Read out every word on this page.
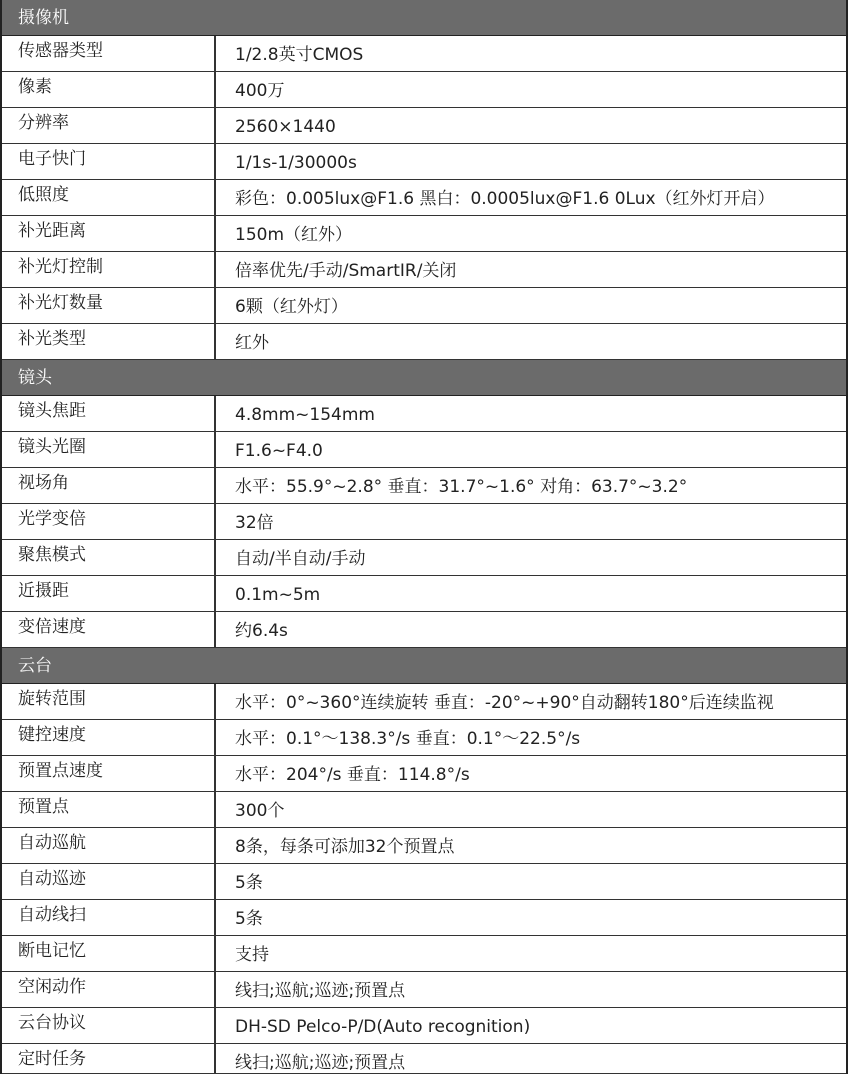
摄像机
传感器类型	1/2.8英寸CMOS
像素	400万
分辨率	2560×1440
电子快门	1/1s-1/30000s
低照度	彩色：0.005lux@F1.6 黑白：0.0005lux@F1.6 0Lux（红外灯开启）
补光距离	150m（红外）
补光灯控制	倍率优先/手动/SmartIR/关闭
补光灯数量	6颗（红外灯）
补光类型	红外
镜头
镜头焦距	4.8mm~154mm
镜头光圈	F1.6~F4.0
视场角	水平：55.9°~2.8° 垂直：31.7°~1.6° 对角：63.7°~3.2°
光学变倍	32倍
聚焦模式	自动/半自动/手动
近摄距	0.1m~5m
变倍速度	约6.4s
云台
旋转范围	水平：0°~360°连续旋转 垂直：-20°~+90°自动翻转180°后连续监视
键控速度	水平：0.1°～138.3°/s 垂直：0.1°～22.5°/s
预置点速度	水平：204°/s 垂直：114.8°/s
预置点	300个
自动巡航	8条，每条可添加32个预置点
自动巡迹	5条
自动线扫	5条
断电记忆	支持
空闲动作	线扫;巡航;巡迹;预置点
云台协议	DH-SD Pelco-P/D(Auto recognition)
定时任务	线扫;巡航;巡迹;预置点
